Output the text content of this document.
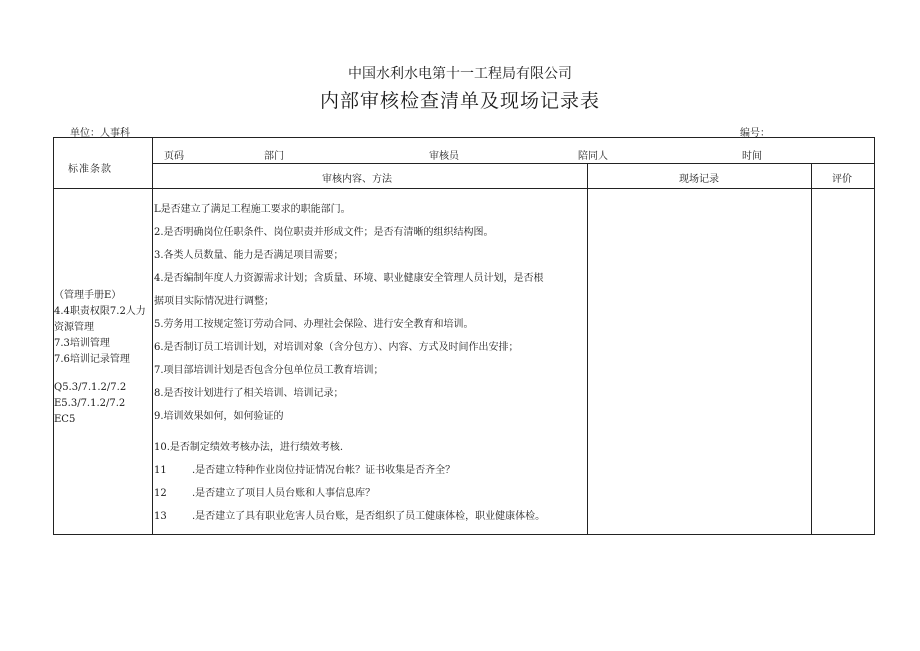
中国水利水电第十一工程局有限公司
内部审核检查清单及现场记录表
单位：人事科	编号：
标准条款
页码	部门	审核员	陪同人	时间
审核内容、方法	现场记录	评价
（管理手册E）
4.4职责权限7.2人力资源管理
7.3培训管理
7.6培训记录管理
Q5.3/7.1.2/7.2
E5.3/7.1.2/7.2
EC5
L是否建立了满足工程施工要求的职能部门。
2.是否明确岗位任职条件、岗位职责并形成文件；是否有清晰的组织结构图。
3.各类人员数量、能力是否满足项目需要；
4.是否编制年度人力资源需求计划；含质量、环境、职业健康安全管理人员计划，是否根
据项目实际情况进行调整；
5.劳务用工按规定签订劳动合同、办理社会保险、进行安全教育和培训。
6.是否制订员工培训计划，对培训对象（含分包方）、内容、方式及时间作出安排；
7.项目部培训计划是否包含分包单位员工教育培训；
8.是否按计划进行了相关培训、培训记录；
9.培训效果如何，如何验证的
10.是否制定绩效考核办法，进行绩效考核.
11	.是否建立特种作业岗位持证情况台帐？证书收集是否齐全？
12	.是否建立了项目人员台账和人事信息库？
13	.是否建立了具有职业危害人员台账，是否组织了员工健康体检，职业健康体检。
